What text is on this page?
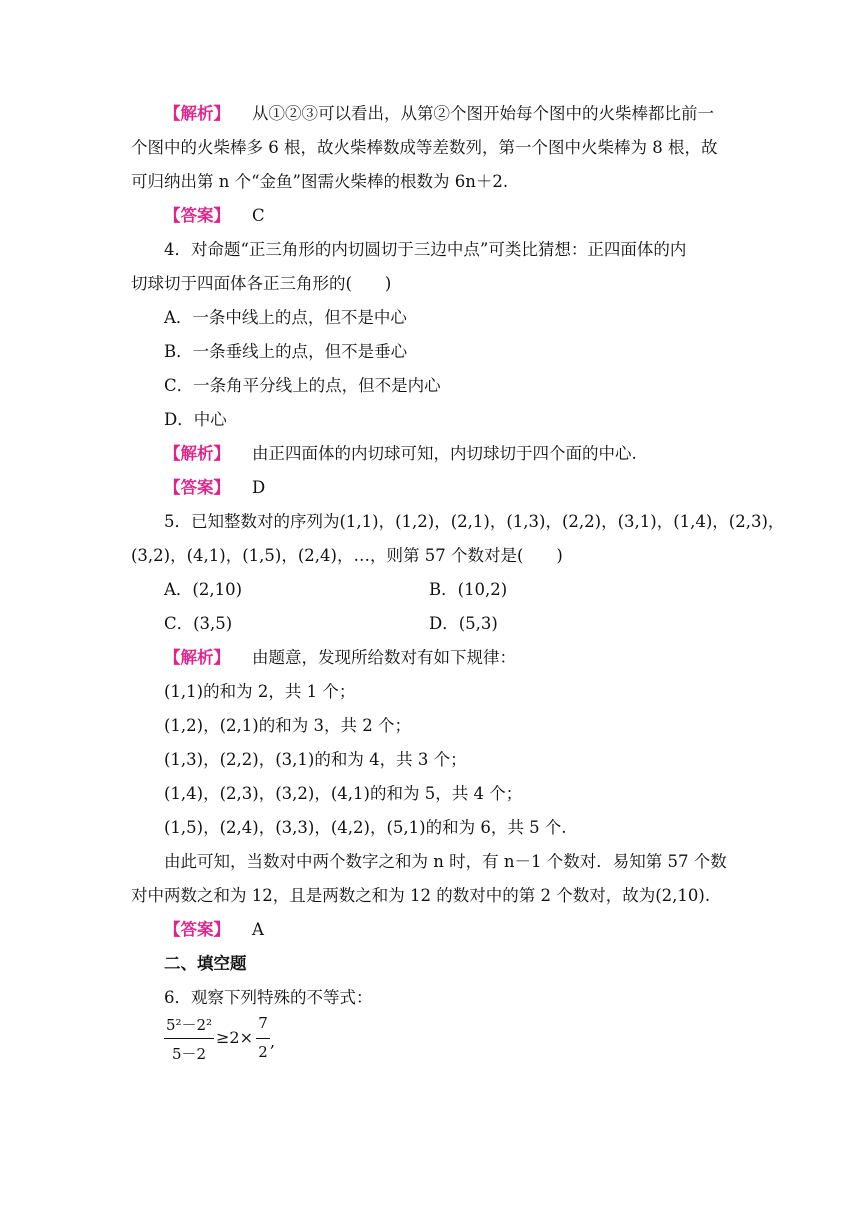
【解析】 从①②③可以看出，从第②个图开始每个图中的火柴棒都比前一
个图中的火柴棒多 6 根，故火柴棒数成等差数列，第一个图中火柴棒为 8 根，故
可归纳出第 n 个“金鱼”图需火柴棒的根数为 6n＋2.
【答案】 C
4．对命题“正三角形的内切圆切于三边中点”可类比猜想：正四面体的内
切球切于四面体各正三角形的(　　)
A．一条中线上的点，但不是中心
B．一条垂线上的点，但不是垂心
C．一条角平分线上的点，但不是内心
D．中心
【解析】 由正四面体的内切球可知，内切球切于四个面的中心.
【答案】 D
5．已知整数对的序列为(1,1)，(1,2)，(2,1)，(1,3)，(2,2)，(3,1)，(1,4)，(2,3)，
(3,2)，(4,1)，(1,5)，(2,4)，…，则第 57 个数对是(　　)
A．(2,10)	B．(10,2)
C．(3,5)	D．(5,3)
【解析】 由题意，发现所给数对有如下规律：
(1,1)的和为 2，共 1 个；
(1,2)，(2,1)的和为 3，共 2 个；
(1,3)，(2,2)，(3,1)的和为 4，共 3 个；
(1,4)，(2,3)，(3,2)，(4,1)的和为 5，共 4 个；
(1,5)，(2,4)，(3,3)，(4,2)，(5,1)的和为 6，共 5 个.
由此可知，当数对中两个数字之和为 n 时，有 n－1 个数对．易知第 57 个数
对中两数之和为 12，且是两数之和为 12 的数对中的第 2 个数对，故为(2,10).
【答案】 A
二、填空题
6．观察下列特殊的不等式：
5²－2²
5－2
≥2×
7
2
,
